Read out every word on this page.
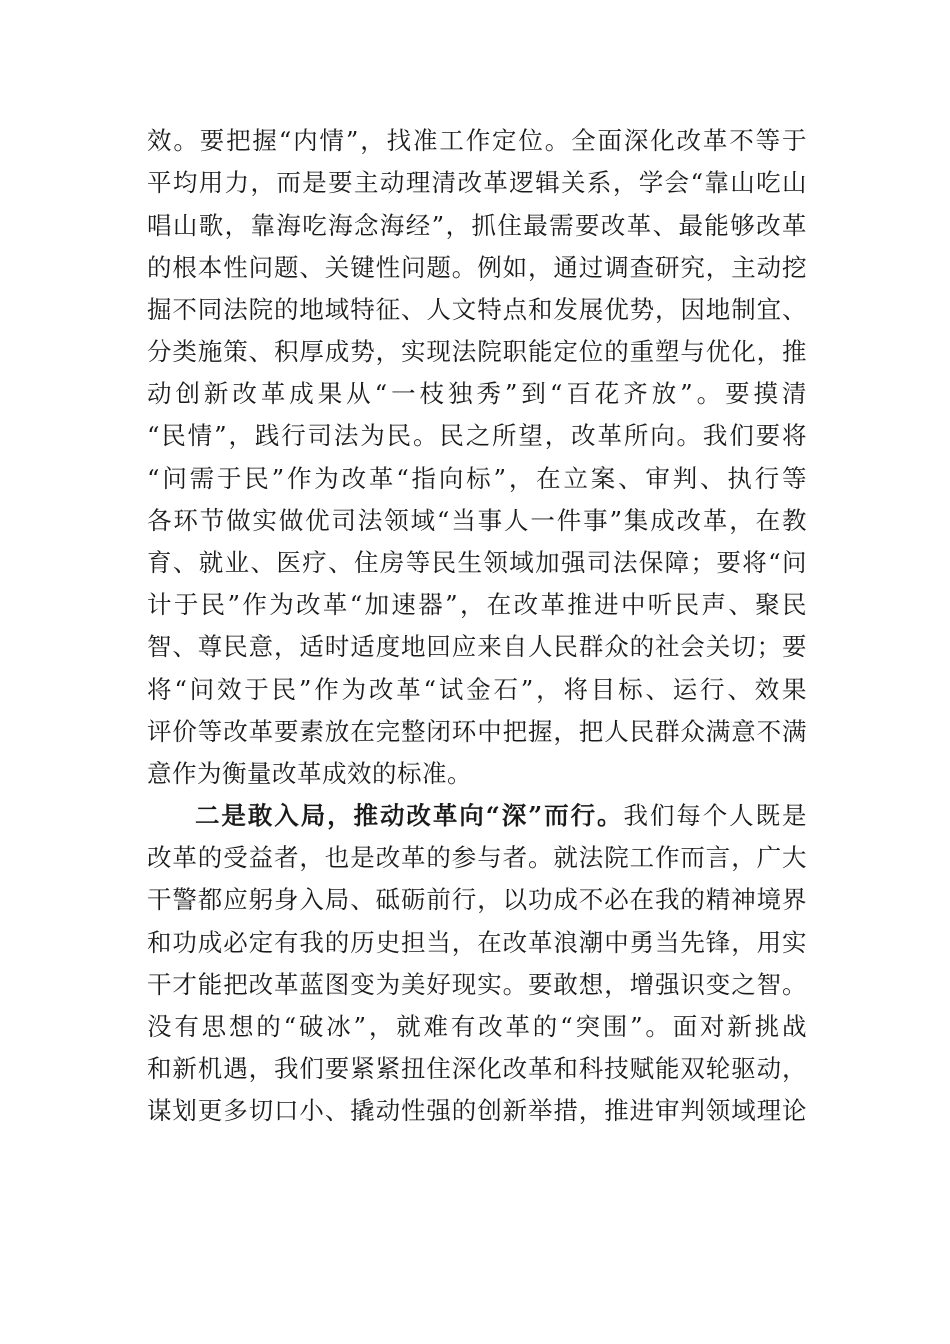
效。要把握“内情”，找准工作定位。全面深化改革不等于
平均用力，而是要主动理清改革逻辑关系，学会“靠山吃山
唱山歌，靠海吃海念海经”，抓住最需要改革、最能够改革
的根本性问题、关键性问题。例如，通过调查研究，主动挖
掘不同法院的地域特征、人文特点和发展优势，因地制宜、
分类施策、积厚成势，实现法院职能定位的重塑与优化，推
动创新改革成果从“一枝独秀”到“百花齐放”。要摸清
“民情”，践行司法为民。民之所望，改革所向。我们要将
“问需于民”作为改革“指向标”，在立案、审判、执行等
各环节做实做优司法领域“当事人一件事”集成改革，在教
育、就业、医疗、住房等民生领域加强司法保障；要将“问
计于民”作为改革“加速器”，在改革推进中听民声、聚民
智、尊民意，适时适度地回应来自人民群众的社会关切；要
将“问效于民”作为改革“试金石”，将目标、运行、效果
评价等改革要素放在完整闭环中把握，把人民群众满意不满
意作为衡量改革成效的标准。
二是敢入局，推动改革向“深”而行。我们每个人既是
改革的受益者，也是改革的参与者。就法院工作而言，广大
干警都应躬身入局、砥砺前行，以功成不必在我的精神境界
和功成必定有我的历史担当，在改革浪潮中勇当先锋，用实
干才能把改革蓝图变为美好现实。要敢想，增强识变之智。
没有思想的“破冰”，就难有改革的“突围”。面对新挑战
和新机遇，我们要紧紧扭住深化改革和科技赋能双轮驱动，
谋划更多切口小、撬动性强的创新举措，推进审判领域理论
